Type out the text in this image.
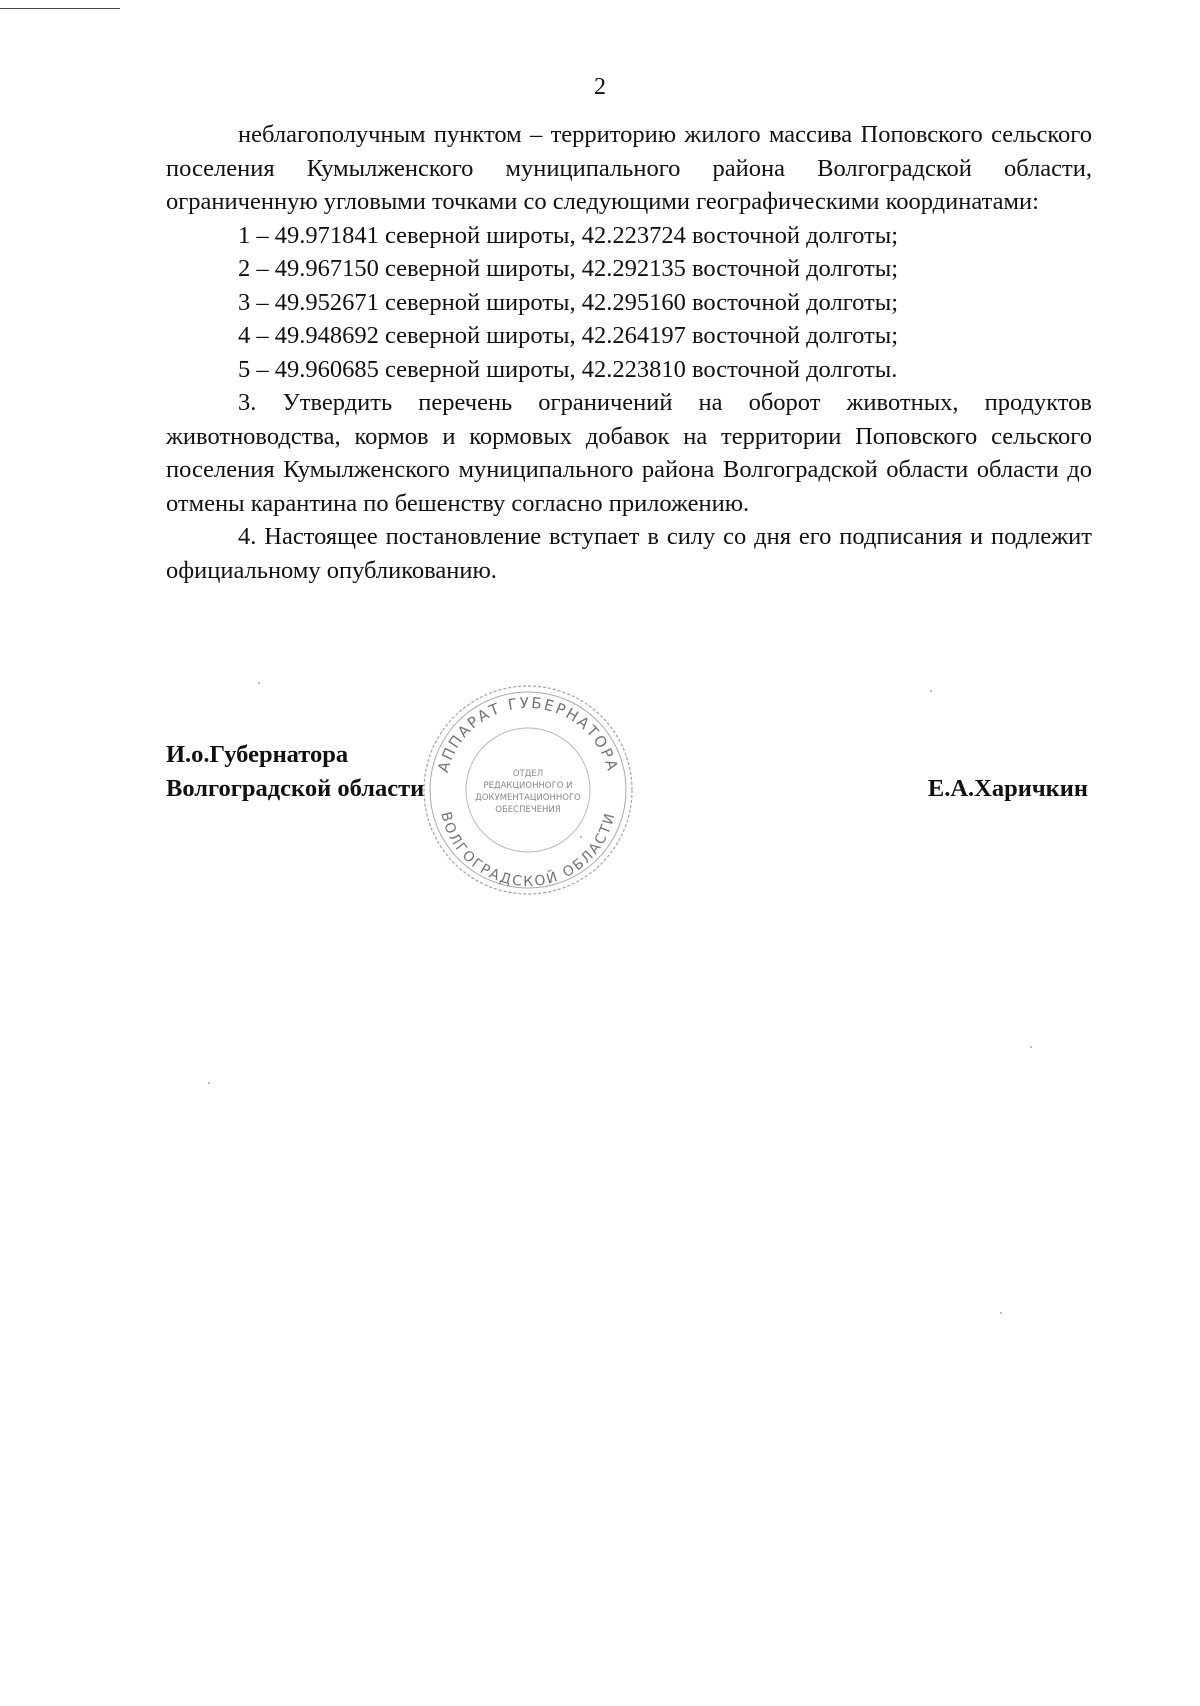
2

неблагополучным пунктом – территорию жилого массива Поповского сельского поселения Кумылженского муниципального района Волгоградской области, ограниченную угловыми точками со следующими географическими координатами:

1 – 49.971841 северной широты, 42.223724 восточной долготы;

2 – 49.967150 северной широты, 42.292135 восточной долготы;

3 – 49.952671 северной широты, 42.295160 восточной долготы;

4 – 49.948692 северной широты, 42.264197 восточной долготы;

5 – 49.960685 северной широты, 42.223810 восточной долготы.

3. Утвердить перечень ограничений на оборот животных, продуктов животноводства, кормов и кормовых добавок на территории Поповского сельского поселения Кумылженского муниципального района Волгоградской области области до отмены карантина по бешенству согласно приложению.

4. Настоящее постановление вступает в силу со дня его подписания и подлежит официальному опубликованию.

АППАРАТ ГУБЕРНАТОРА
ВОЛГОГРАДСКОЙ ОБЛАСТИ
ОТДЕЛ
РЕДАКЦИОННОГО И
ДОКУМЕНТАЦИОННОГО
ОБЕСПЕЧЕНИЯ
И.о.Губернатора
Волгоградской области	Е.А.Харичкин
